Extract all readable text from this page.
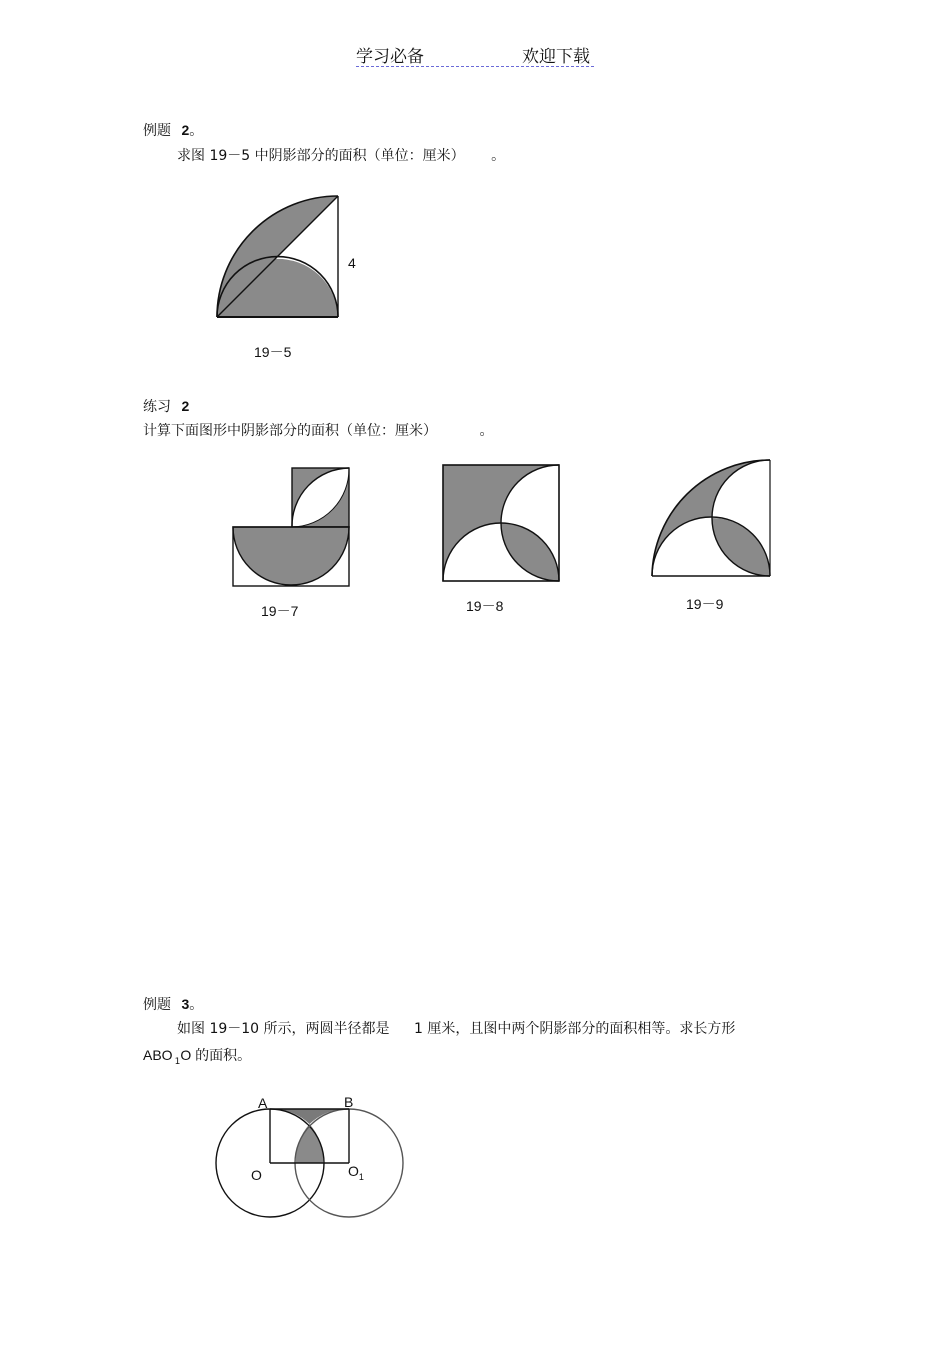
学习必备	欢迎下载
例题 2。
求图 19－5 中阴影部分的面积（单位：厘米） 。
4
19－5
练习 2
计算下面图形中阴影部分的面积（单位：厘米）	。
19－7	19－8	19－9
例题 3。
如图 19－10 所示，两圆半径都是 1 厘米，且图中两个阴影部分的面积相等。求长方形
ABO $_1$O 的面积。
A	B
O	$O_1$
